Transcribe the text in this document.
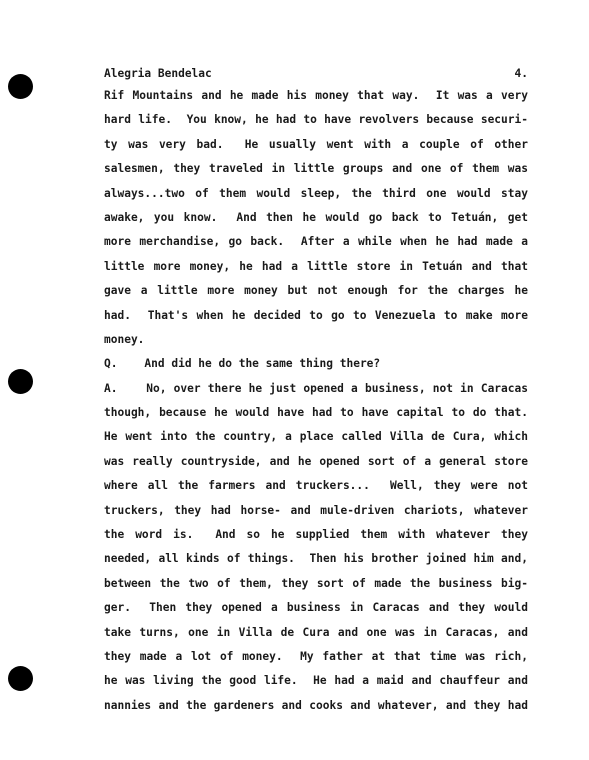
Alegria Bendelac	4.
Rif Mountains and he made his money that way.  It was a very
hard life.  You know, he had to have revolvers because securi-
ty was very bad.  He usually went with a couple of other
salesmen, they traveled in little groups and one of them was
always...two of them would sleep, the third one would stay
awake, you know.  And then he would go back to Tetuán, get
more merchandise, go back.  After a while when he had made a
little more money, he had a little store in Tetuán and that
gave a little more money but not enough for the charges he
had.  That's when he decided to go to Venezuela to make more
money.
Q.    And did he do the same thing there?
A.    No, over there he just opened a business, not in Caracas
though, because he would have had to have capital to do that.
He went into the country, a place called Villa de Cura, which
was really countryside, and he opened sort of a general store
where all the farmers and truckers...  Well, they were not
truckers, they had horse- and mule-driven chariots, whatever
the word is.  And so he supplied them with whatever they
needed, all kinds of things.  Then his brother joined him and,
between the two of them, they sort of made the business big-
ger.  Then they opened a business in Caracas and they would
take turns, one in Villa de Cura and one was in Caracas, and
they made a lot of money.  My father at that time was rich,
he was living the good life.  He had a maid and chauffeur and
nannies and the gardeners and cooks and whatever, and they had
